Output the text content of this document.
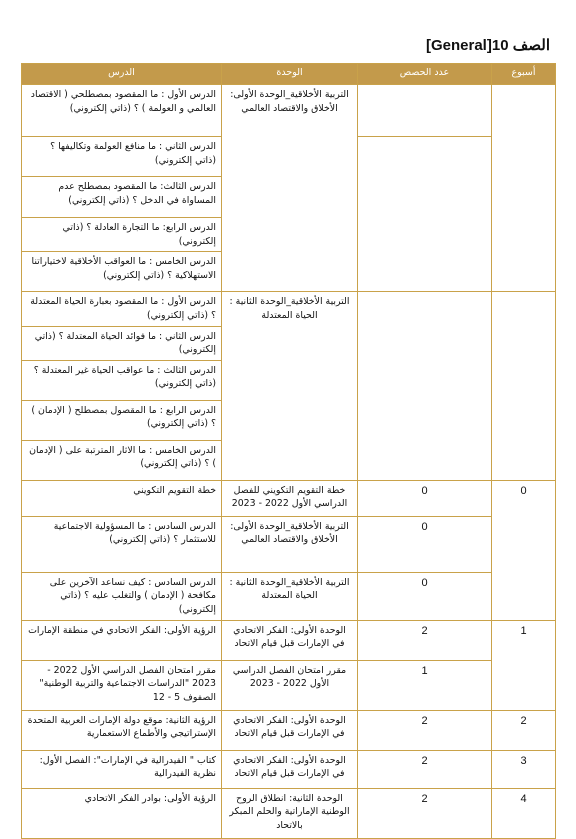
الصف 10[General]
أسبوع	عدد الحصص	الوحدة	الدرس
		التربية الأخلاقية_الوحدة الأولى: الأخلاق والاقتصاد العالمي	الدرس الأول : ما المقصود بمصطلحي ( الاقتصاد العالمي و العولمة ) ؟ (ذاتي إلكتروني)
			الدرس الثاني : ما منافع العولمة وتكاليفها ؟ (ذاتي إلكتروني)
			الدرس الثالث: ما المقصود بمصطلح عدم المساواة في الدخل ؟ (ذاتي إلكتروني)
			الدرس الرابع: ما التجارة العادلة ؟ (ذاتي إلكتروني)
			الدرس الخامس : ما العواقب الأخلاقية لاختياراتنا الاستهلاكية ؟ (ذاتي إلكتروني)
		التربية الأخلاقية_الوحدة الثانية : الحياة المعتدلة	الدرس الأول : ما المقصود بعبارة الحياة المعتدلة ؟ (ذاتي إلكتروني)
			الدرس الثاني : ما فوائد الحياة المعتدلة ؟ (ذاتي إلكتروني)
			الدرس الثالث : ما عواقب الحياة غير المعتدلة ؟ (ذاتي إلكتروني)
			الدرس الرابع : ما المقصول بمصطلح ( الإدمان ) ؟ (ذاتي إلكتروني)
			الدرس الخامس : ما الاثار المترتبة على ( الإدمان ) ؟ (ذاتي إلكتروني)
0	0	خطة التقويم التكويني للفصل الدراسي الأول 2022 - 2023	خطة التقويم التكويني
	0	التربية الأخلاقية_الوحدة الأولى: الأخلاق والاقتصاد العالمي	الدرس السادس : ما المسؤولية الاجتماعية للاستثمار ؟ (ذاتي إلكتروني)
	0	التربية الأخلاقية_الوحدة الثانية : الحياة المعتدلة	الدرس السادس : كيف نساعد الآخرين على مكافحة ( الإدمان ) والتغلب عليه ؟ (ذاتي إلكتروني)
1	2	الوحدة الأولى: الفكر الاتحادي في الإمارات قبل قيام الاتحاد	الرؤية الأولى: الفكر الاتحادي في منطقة الإمارات
	1	مقرر امتحان الفصل الدراسي الأول 2022 - 2023	مقرر امتحان الفصل الدراسي الأول 2022 - 2023 "الدراسات الاجتماعية والتربية الوطنية" الصفوف 5 - 12
2	2	الوحدة الأولى: الفكر الاتحادي في الإمارات قبل قيام الاتحاد	الرؤية الثانية: موقع دولة الإمارات العربية المتحدة الإستراتيجي والأطماع الاستعمارية
3	2	الوحدة الأولى: الفكر الاتحادي في الإمارات قبل قيام الاتحاد	كتاب " الفيدرالية في الإمارات": الفصل الأول: نظرية الفيدرالية
4	2	الوحدة الثانية: انطلاق الروح الوطنية الإماراتية والحلم المبكر بالاتحاد	الرؤية الأولى: بوادر الفكر الاتحادي
